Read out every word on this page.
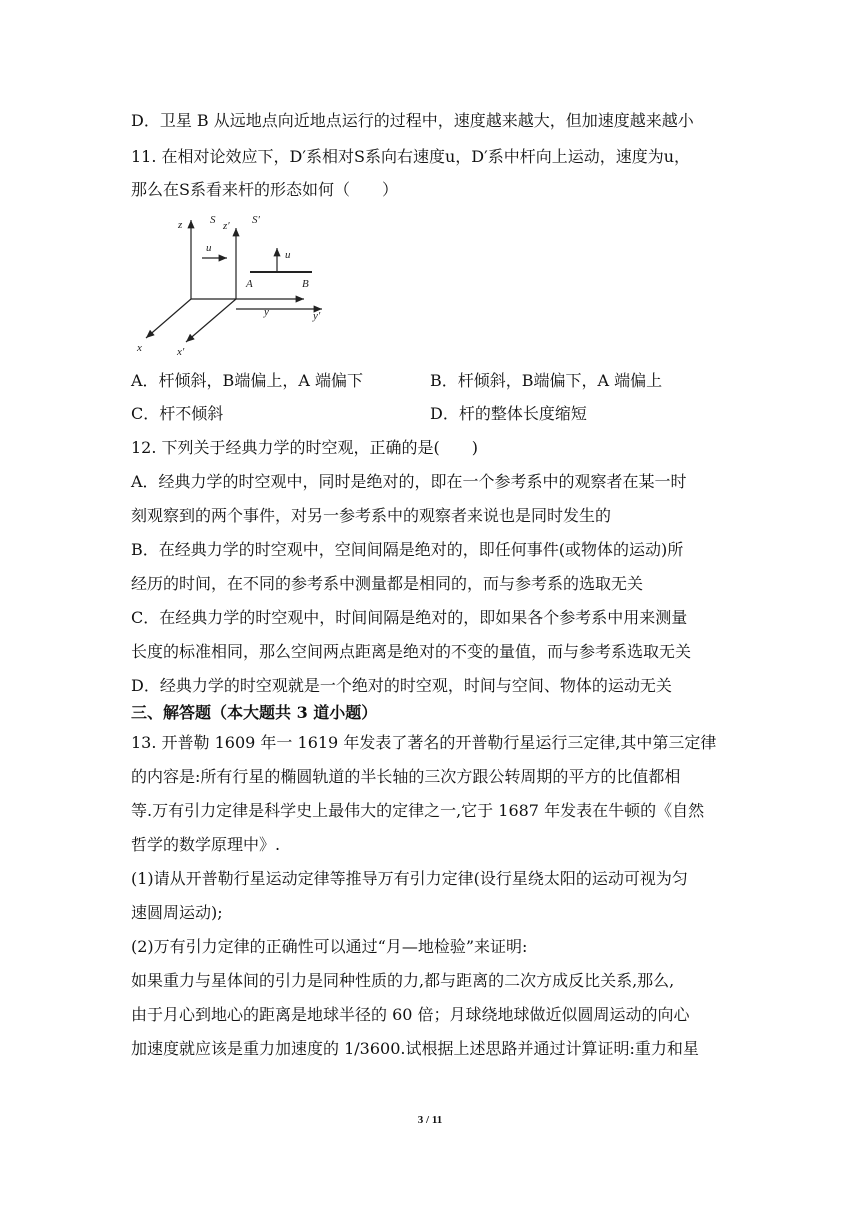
D．卫星 B 从远地点向近地点运行的过程中，速度越来越大，但加速度越来越小
11. 在相对论效应下，D′系相对S系向右速度u，D′系中杆向上运动，速度为u，
那么在S系看来杆的形态如何（　　）
z	S z′ S′
u
u
A	B
y	y′
x	x′
A．杆倾斜，B端偏上，A 端偏下	B．杆倾斜，B端偏下，A 端偏上
C．杆不倾斜	D．杆的整体长度缩短
12. 下列关于经典力学的时空观，正确的是(　　)
A．经典力学的时空观中，同时是绝对的，即在一个参考系中的观察者在某一时
刻观察到的两个事件，对另一参考系中的观察者来说也是同时发生的
B．在经典力学的时空观中，空间间隔是绝对的，即任何事件(或物体的运动)所
经历的时间，在不同的参考系中测量都是相同的，而与参考系的选取无关
C．在经典力学的时空观中，时间间隔是绝对的，即如果各个参考系中用来测量
长度的标准相同，那么空间两点距离是绝对的不变的量值，而与参考系选取无关
D．经典力学的时空观就是一个绝对的时空观，时间与空间、物体的运动无关
三、解答题（本大题共 3 道小题）
13. 开普勒 1609 年一 1619 年发表了著名的开普勒行星运行三定律,其中第三定律
的内容是:所有行星的椭圆轨道的半长轴的三次方跟公转周期的平方的比值都相
等.万有引力定律是科学史上最伟大的定律之一,它于 1687 年发表在牛顿的《自然
哲学的数学原理中》.
(1)请从开普勒行星运动定律等推导万有引力定律(设行星绕太阳的运动可视为匀
速圆周运动);
(2)万有引力定律的正确性可以通过“月—地检验”来证明:
如果重力与星体间的引力是同种性质的力,都与距离的二次方成反比关系,那么,
由于月心到地心的距离是地球半径的 60 倍；月球绕地球做近似圆周运动的向心
加速度就应该是重力加速度的 1/3600.试根据上述思路并通过计算证明:重力和星
3 / 11
